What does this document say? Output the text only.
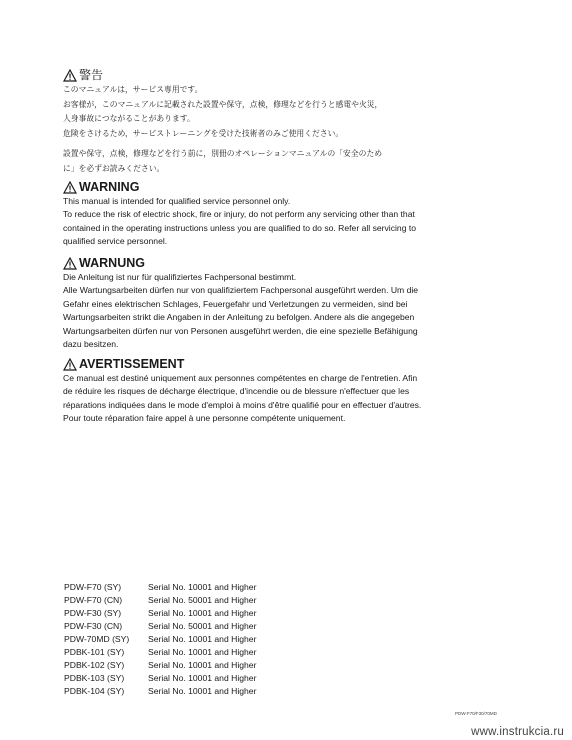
警告
このマニュアルは，サービス専用です。
お客様が，このマニュアルに記載された設置や保守，点検，修理などを行うと感電や火災，
人身事故につながることがあります。
危険をさけるため，サービストレーニングを受けた技術者のみご使用ください。
設置や保守，点検，修理などを行う前に，別冊のオペレーションマニュアルの「安全のため
に」を必ずお読みください。
WARNING
This manual is intended for qualified service personnel only.
To reduce the risk of electric shock, fire or injury, do not perform any servicing other than that
contained in the operating instructions unless you are qualified to do so. Refer all servicing to
qualified service personnel.
WARNUNG
Die Anleitung ist nur für qualifiziertes Fachpersonal bestimmt.
Alle Wartungsarbeiten dürfen nur von qualifiziertem Fachpersonal ausgeführt werden. Um die
Gefahr eines elektrischen Schlages, Feuergefahr und Verletzungen zu vermeiden, sind bei
Wartungsarbeiten strikt die Angaben in der Anleitung zu befolgen. Andere als die angegeben
Wartungsarbeiten dürfen nur von Personen ausgeführt werden, die eine spezielle Befähigung
dazu besitzen.
AVERTISSEMENT
Ce manual est destiné uniquement aux personnes compétentes en charge de l'entretien. Afin
de réduire les risques de décharge électrique, d'incendie ou de blessure n'effectuer que les
réparations indiquées dans le mode d'emploi à moins d'être qualifié pour en effectuer d'autres.
Pour toute réparation faire appel à une personne compétente uniquement.
PDW-F70 (SY)	Serial No. 10001 and Higher
PDW-F70 (CN)	Serial No. 50001 and Higher
PDW-F30 (SY)	Serial No. 10001 and Higher
PDW-F30 (CN)	Serial No. 50001 and Higher
PDW-70MD (SY)	Serial No. 10001 and Higher
PDBK-101 (SY)	Serial No. 10001 and Higher
PDBK-102 (SY)	Serial No. 10001 and Higher
PDBK-103 (SY)	Serial No. 10001 and Higher
PDBK-104 (SY)	Serial No. 10001 and Higher
PDW-F70/F30/70MD
www.instrukcia.ru
